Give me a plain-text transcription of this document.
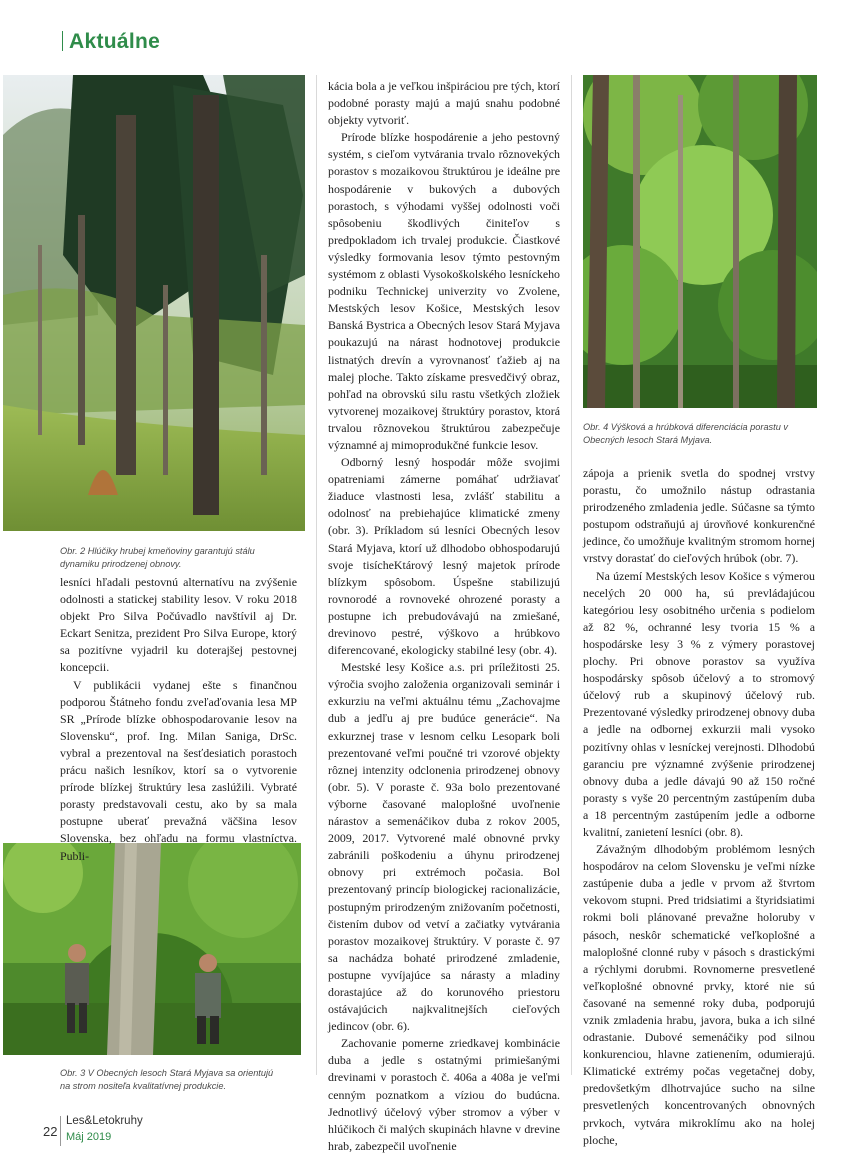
Aktuálne
Obr. 2 Hlúčiky hrubej kmeňoviny garantujú stálu dynamiku prirodzenej obnovy.
Obr. 3 V Obecných lesoch Stará Myjava sa orientujú na strom nositeľa kvalitatívnej produkcie.
Obr. 4 Výšková a hrúbková diferenciácia porastu v Obecných lesoch Stará Myjava.

lesníci hľadali pestovnú alternatívu na zvýšenie odolnosti a statickej stability lesov. V roku 2018 objekt Pro Silva Počúvadlo navštívil aj Dr. Eckart Senitza, prezident Pro Silva Europe, ktorý sa pozitívne vyjadril ku doterajšej pestovnej koncepcii.

V publikácii vydanej ešte s finančnou podporou Štátneho fondu zveľaďovania lesa MP SR „Prírode blízke obhospodarovanie lesov na Slovensku“, prof. Ing. Milan Saniga, DrSc. vybral a prezentoval na šesťdesiatich porastoch prácu našich lesníkov, ktorí sa o vytvorenie prírode blízkej štruktúry lesa zaslúžili. Vybraté porasty predstavovali cestu, ako by sa mala postupne uberať prevažná väčšina lesov Slovenska, bez ohľadu na formu vlastníctva. Publi-

kácia bola a je veľkou inšpiráciou pre tých, ktorí podobné porasty majú a majú snahu podobné objekty vytvoriť.

Prírode blízke hospodárenie a jeho pestovný systém, s cieľom vytvárania trvalo rôznovekých porastov s mozaikovou štruktúrou je ideálne pre hospodárenie v bukových a dubových porastoch, s výhodami vyššej odolnosti voči spôsobeniu škodlivých činiteľov s predpokladom ich trvalej produkcie. Čiastkové výsledky formovania lesov týmto pestovným systémom z oblasti Vysokoškolského lesníckeho podniku Technickej univerzity vo Zvolene, Mestských lesov Košice, Mestských lesov Banská Bystrica a Obecných lesov Stará Myjava poukazujú na nárast hodnotovej produkcie listnatých drevín a vyrovnanosť ťažieb aj na malej ploche. Takto získame presvedčivý obraz, pohľad na obrovskú silu rastu všetkých zložiek vytvorenej mozaikovej štruktúry porastov, ktorá trvalou rôznovekou štruktúrou zabezpečuje významné aj mimoprodukčné funkcie lesov.

Odborný lesný hospodár môže svojimi opatreniami zámerne pomáhať udržiavať žiaduce vlastnosti lesa, zvlášť stabilitu a odolnosť na prebiehajúce klimatické zmeny (obr. 3). Príkladom sú lesníci Obecných lesov Stará Myjava, ktorí už dlhodobo obhospodarujú svoje tisícheKtárový lesný majetok prírode blízkym spôsobom. Úspešne stabilizujú rovnorodé a rovnoveké ohrozené porasty a postupne ich prebudovávajú na zmiešané, drevinovo pestré, výškovo a hrúbkovo diferencované, ekologicky stabilné lesy (obr. 4).

Mestské lesy Košice a.s. pri príležitosti 25. výročia svojho založenia organizovali seminár i exkurziu na veľmi aktuálnu tému „Zachovajme dub a jedľu aj pre budúce generácie“. Na exkurznej trase v lesnom celku Lesopark boli prezentované veľmi poučné tri vzorové objekty rôznej intenzity odclonenia prirodzenej obnovy (obr. 5). V poraste č. 93a bolo prezentované výborne časované maloplošné uvoľnenie nárastov a semenáčikov duba z rokov 2005, 2009, 2017. Vytvorené malé obnovné prvky zabránili poškodeniu a úhynu prirodzenej obnovy pri extrémoch počasia. Bol prezentovaný princíp biologickej racionalizácie, postupným prirodzeným znižovaním početnosti, čistením dubov od vetví a začiatky vytvárania porastov mozaikovej štruktúry. V poraste č. 97 sa nachádza bohaté prirodzené zmladenie, postupne vyvíjajúce sa nárasty a mladiny dorastajúce až do korunového priestoru ostávajúcich najkvalitnejších cieľových jedincov (obr. 6).

Zachovanie pomerne zriedkavej kombinácie duba a jedle s ostatnými primiešanými drevinami v porastoch č. 406a a 408a je veľmi cenným poznatkom a víziou do budúcna. Jednotlivý účelový výber stromov a výber v hlúčikoch či malých skupinách hlavne v drevine hrab, zabezpečil uvoľnenie

zápoja a prienik svetla do spodnej vrstvy porastu, čo umožnilo nástup odrastania prirodzeného zmladenia jedle. Súčasne sa týmto postupom odstraňujú aj úrovňové konkurenčné jedince, čo umožňuje kvalitným stromom hornej vrstvy dorastať do cieľových hrúbok (obr. 7).

Na území Mestských lesov Košice s výmerou necelých 20 000 ha, sú prevládajúcou kategóriou lesy osobitného určenia s podielom až 82 %, ochranné lesy tvoria 15 % a hospodárske lesy 3 % z výmery porastovej plochy. Pri obnove porastov sa využíva hospodársky spôsob účelový a to stromový účelový rub a skupinový účelový rub. Prezentované výsledky prirodzenej obnovy duba a jedle na odbornej exkurzii mali vysoko pozitívny ohlas v lesníckej verejnosti. Dlhodobú garanciu pre významné zvýšenie prirodzenej obnovy duba a jedle dávajú 90 až 150 ročné porasty s vyše 20 percentným zastúpením duba a 18 percentným zastúpením jedle a odborne kvalitní, zanietení lesníci (obr. 8).

Závažným dlhodobým problémom lesných hospodárov na celom Slovensku je veľmi nízke zastúpenie duba a jedle v prvom až štvrtom vekovom stupni. Pred tridsiatimi a štyridsiatimi rokmi boli plánované prevažne holoruby v pásoch, neskôr schematické veľkoplošné a maloplošné clonné ruby v pásoch s drastickými a rýchlymi dorubmi. Rovnomerne presvetlené veľkoplošné obnovné prvky, ktoré nie sú časované na semenné roky duba, podporujú vznik zmladenia hrabu, javora, buka a ich silné odrastanie. Dubové semenáčiky pod silnou konkurenciou, hlavne zatienením, odumierajú. Klimatické extrémy počas vegetačnej doby, predovšetkým dlhotrvajúce sucho na silne presvetlených koncentrovaných obnovných prvkoch, vytvára mikroklímu ako na holej ploche,

22
Les&Letokruhy
Máj 2019
